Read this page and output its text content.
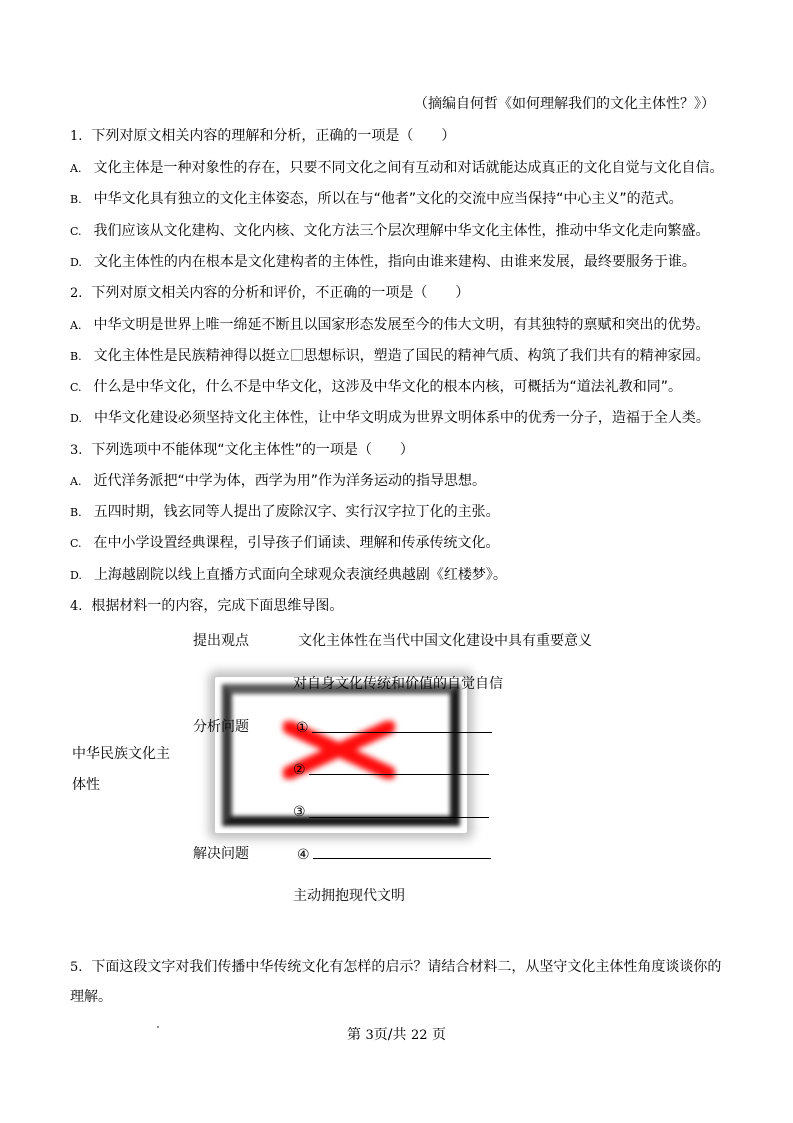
（摘编自何哲《如何理解我们的文化主体性？》）
1. 下列对原文相关内容的理解和分析，正确的一项是（　　）
A. 文化主体是一种对象性的存在，只要不同文化之间有互动和对话就能达成真正的文化自觉与文化自信。
B. 中华文化具有独立的文化主体姿态，所以在与“他者”文化的交流中应当保持“中心主义”的范式。
C. 我们应该从文化建构、文化内核、文化方法三个层次理解中华文化主体性，推动中华文化走向繁盛。
D. 文化主体性的内在根本是文化建构者的主体性，指向由谁来建构、由谁来发展，最终要服务于谁。
2. 下列对原文相关内容的分析和评价，不正确的一项是（　　）
A. 中华文明是世界上唯一绵延不断且以国家形态发展至今的伟大文明，有其独特的禀赋和突出的优势。
B. 文化主体性是民族精神得以挺立 思想标识，塑造了国民的精神气质、构筑了我们共有的精神家园。
C. 什么是中华文化，什么不是中华文化，这涉及中华文化的根本内核，可概括为“道法礼教和同”。
D. 中华文化建设必须坚持文化主体性，让中华文明成为世界文明体系中的优秀一分子，造福于全人类。
3. 下列选项中不能体现“文化主体性”的一项是（　　）
A. 近代洋务派把“中学为体，西学为用”作为洋务运动的指导思想。
B. 五四时期，钱玄同等人提出了废除汉字、实行汉字拉丁化的主张。
C. 在中小学设置经典课程，引导孩子们诵读、理解和传承传统文化。
D. 上海越剧院以线上直播方式面向全球观众表演经典越剧《红楼梦》。
4. 根据材料一的内容，完成下面思维导图。
提出观点	文化主体性在当代中国文化建设中具有重要意义
对自身文化传统和价值的自觉自信
中华民族文化主
体性
分析问题	①
②
③
解决问题	④
主动拥抱现代文明
5. 下面这段文字对我们传播中华传统文化有怎样的启示？请结合材料二，从坚守文化主体性角度谈谈你的
理解。
第 3页/共 22 页
